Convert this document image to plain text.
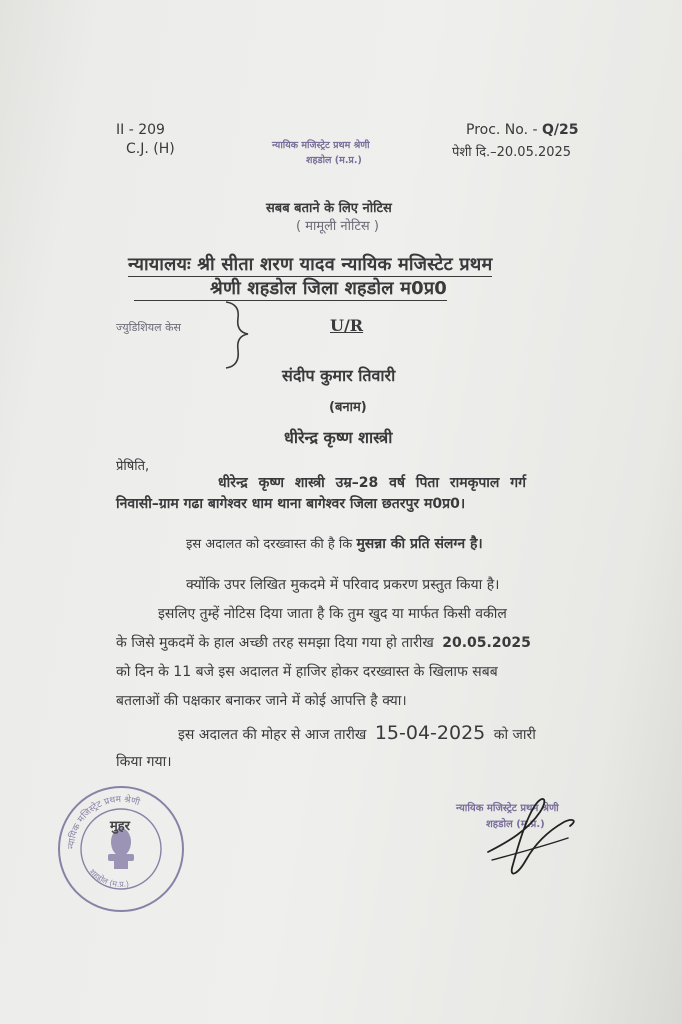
II - 209
C.J. (H)	न्यायिक मजिस्ट्रेट प्रथम श्रेणी
शहडोल (म.प्र.)
Proc. No. - Q/25
पेशी दि.–20.05.2025
सबब बताने के लिए नोटिस
( मामूली नोटिस )
न्यायालयः श्री सीता शरण यादव न्यायिक मजिस्टेट प्रथम
श्रेणी शहडोल जिला शहडोल म0प्र0
ज्युडिशियल केस	U/R
संदीप कुमार तिवारी
(बनाम)
धीरेन्द्र कृष्ण शास्त्री
प्रेषिति,
धीरेन्द्र कृष्ण शास्त्री उम्र–28 वर्ष पिता रामकृपाल गर्ग
निवासी–ग्राम गढा बागेश्वर धाम थाना बागेश्वर जिला छतरपुर म0प्र0।
इस अदालत को दरख्वास्त की है कि मुसन्ना की प्रति संलग्न है।
क्योंकि उपर लिखित मुकदमे में परिवाद प्रकरण प्रस्तुत किया है।
इसलिए तुम्हें नोटिस दिया जाता है कि तुम खुद या मार्फत किसी वकील
के जिसे मुकदमें के हाल अच्छी तरह समझा दिया गया हो तारीख 20.05.2025
को दिन के 11 बजे इस अदालत में हाजिर होकर दरख्वास्त के खिलाफ सबब
बतलाओं की पक्षकार बनाकर जाने में कोई आपत्ति है क्या।
इस अदालत की मोहर से आज तारीख 15-04-2025 को जारी
किया गया।
न्यायिक मजिस्ट्रेट प्रथम श्रेणी
शहडोल (म.प्र.)
मुहर
न्यायिक मजिस्ट्रेट प्रथम श्रेणी
शहडोल (म.प्र.)
